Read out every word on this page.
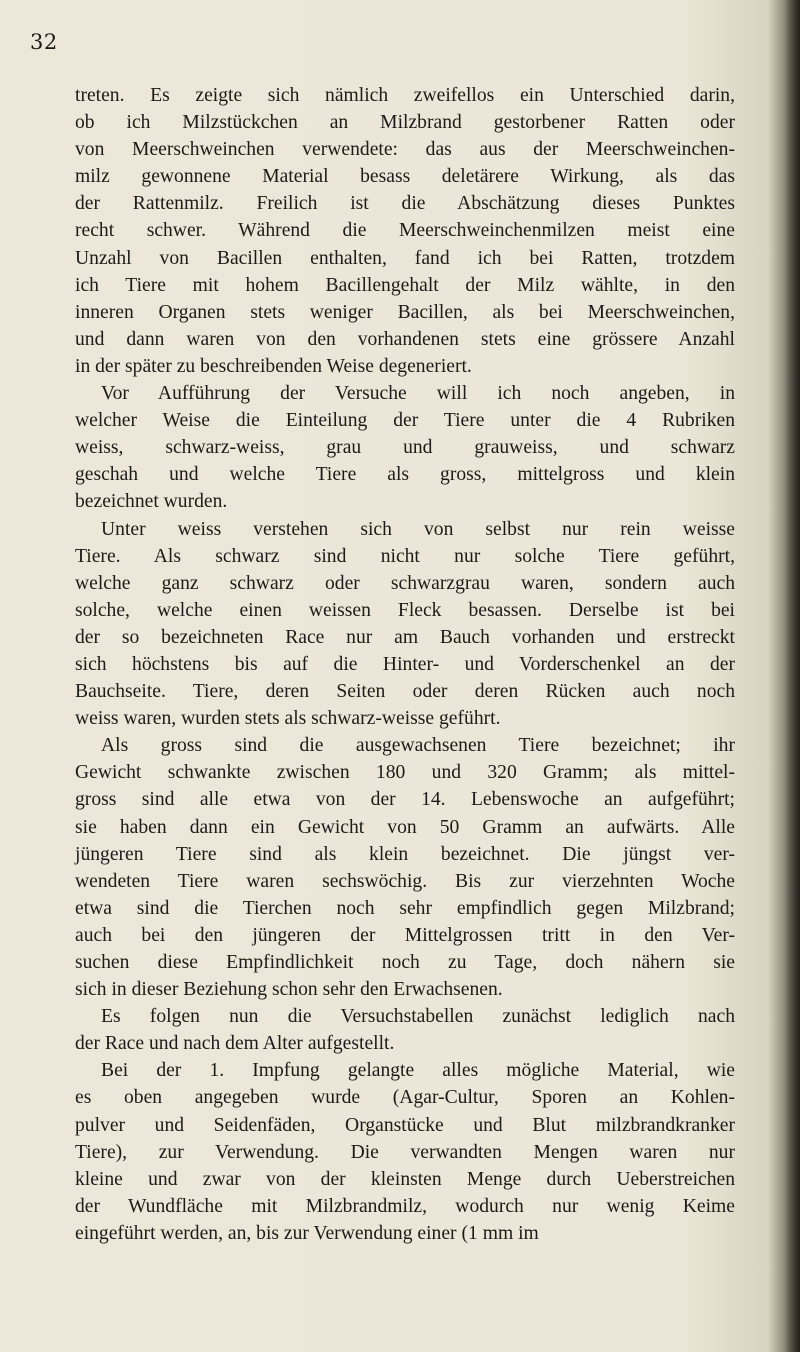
32
treten. Es zeigte sich nämlich zweifellos ein Unterschied darin,
ob ich Milzstückchen an Milzbrand gestorbener Ratten oder
von Meerschweinchen verwendete: das aus der Meerschweinchen-
milz gewonnene Material besass deletärere Wirkung, als das
der Rattenmilz. Freilich ist die Abschätzung dieses Punktes
recht schwer. Während die Meerschweinchenmilzen meist eine
Unzahl von Bacillen enthalten, fand ich bei Ratten, trotzdem
ich Tiere mit hohem Bacillengehalt der Milz wählte, in den
inneren Organen stets weniger Bacillen, als bei Meerschweinchen,
und dann waren von den vorhandenen stets eine grössere Anzahl
in der später zu beschreibenden Weise degeneriert.
Vor Aufführung der Versuche will ich noch angeben, in
welcher Weise die Einteilung der Tiere unter die 4 Rubriken
weiss, schwarz-weiss, grau und grauweiss, und schwarz
geschah und welche Tiere als gross, mittelgross und klein
bezeichnet wurden.
Unter weiss verstehen sich von selbst nur rein weisse
Tiere. Als schwarz sind nicht nur solche Tiere geführt,
welche ganz schwarz oder schwarzgrau waren, sondern auch
solche, welche einen weissen Fleck besassen. Derselbe ist bei
der so bezeichneten Race nur am Bauch vorhanden und erstreckt
sich höchstens bis auf die Hinter- und Vorderschenkel an der
Bauchseite. Tiere, deren Seiten oder deren Rücken auch noch
weiss waren, wurden stets als schwarz-weisse geführt.
Als gross sind die ausgewachsenen Tiere bezeichnet; ihr
Gewicht schwankte zwischen 180 und 320 Gramm; als mittel-
gross sind alle etwa von der 14. Lebenswoche an aufgeführt;
sie haben dann ein Gewicht von 50 Gramm an aufwärts. Alle
jüngeren Tiere sind als klein bezeichnet. Die jüngst ver-
wendeten Tiere waren sechswöchig. Bis zur vierzehnten Woche
etwa sind die Tierchen noch sehr empfindlich gegen Milzbrand;
auch bei den jüngeren der Mittelgrossen tritt in den Ver-
suchen diese Empfindlichkeit noch zu Tage, doch nähern sie
sich in dieser Beziehung schon sehr den Erwachsenen.
Es folgen nun die Versuchstabellen zunächst lediglich nach
der Race und nach dem Alter aufgestellt.
Bei der 1. Impfung gelangte alles mögliche Material, wie
es oben angegeben wurde (Agar-Cultur, Sporen an Kohlen-
pulver und Seidenfäden, Organstücke und Blut milzbrandkranker
Tiere), zur Verwendung. Die verwandten Mengen waren nur
kleine und zwar von der kleinsten Menge durch Ueberstreichen
der Wundfläche mit Milzbrandmilz, wodurch nur wenig Keime
eingeführt werden, an, bis zur Verwendung einer (1 mm im
